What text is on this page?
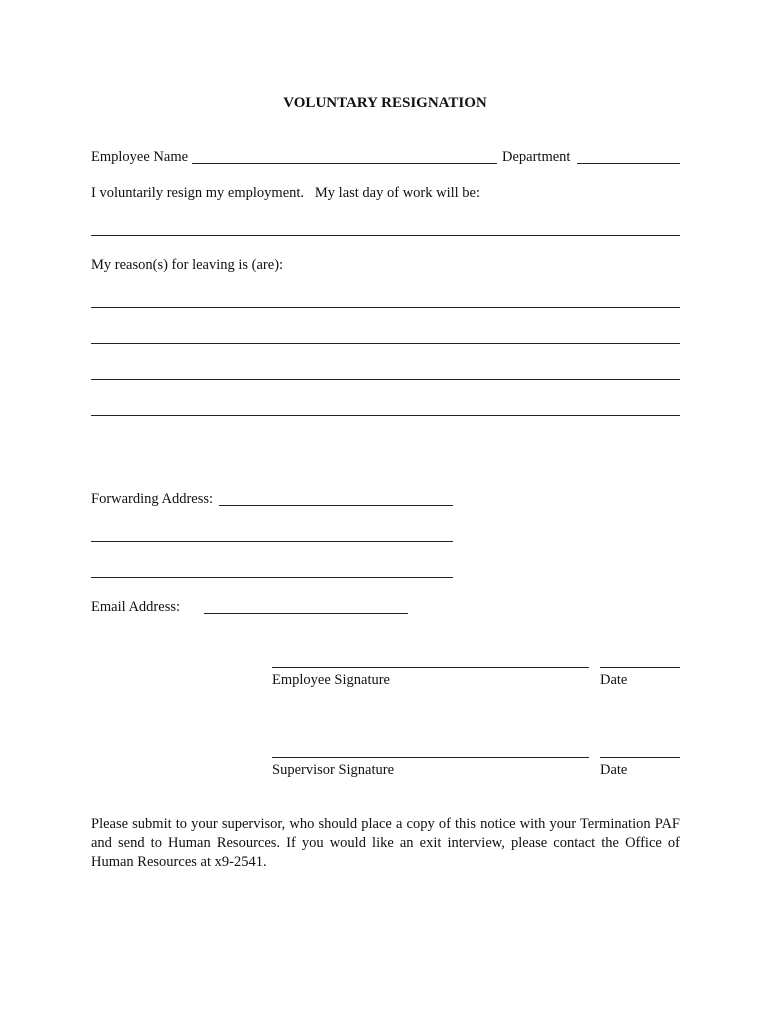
VOLUNTARY RESIGNATION
Employee Name	Department
I voluntarily resign my employment.   My last day of work will be:
My reason(s) for leaving is (are):
Forwarding Address:
Email Address:
Employee Signature	Date
Supervisor Signature	Date
Please submit to your supervisor, who should place a copy of this notice with your Termination PAF and send to Human Resources. If you would like an exit interview, please contact the Office of Human Resources at x9-2541.
